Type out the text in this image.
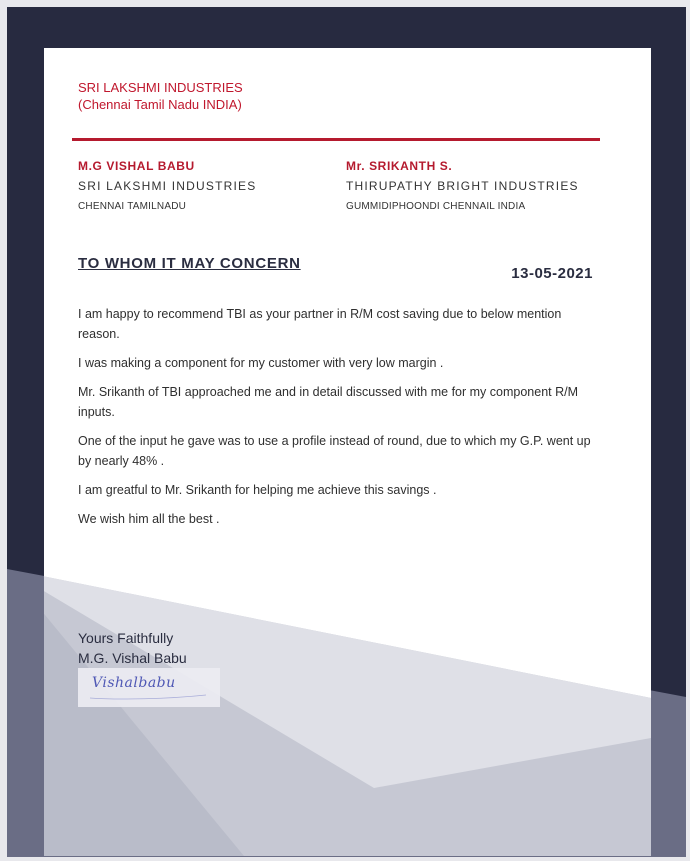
SRI LAKSHMI INDUSTRIES
(Chennai Tamil Nadu INDIA)
M.G VISHAL BABU
SRI LAKSHMI INDUSTRIES
CHENNAI TAMILNADU
Mr. SRIKANTH S.
THIRUPATHY BRIGHT INDUSTRIES
GUMMIDIPHOONDI CHENNAIL INDIA
TO WHOM IT MAY CONCERN
13-05-2021

I am happy to recommend TBI as your partner in R/M cost saving due to below mention reason.

I was making a component for my customer with very low margin .

Mr. Srikanth of TBI approached me and in detail discussed with me for my component R/M inputs.

One of the input he gave was to use a profile instead of round, due to which my G.P. went up by nearly 48% .

I am greatful to Mr. Srikanth for helping me achieve this savings .

We wish him all the best .

Yours Faithfully
M.G. Vishal Babu
Vishalbabu
